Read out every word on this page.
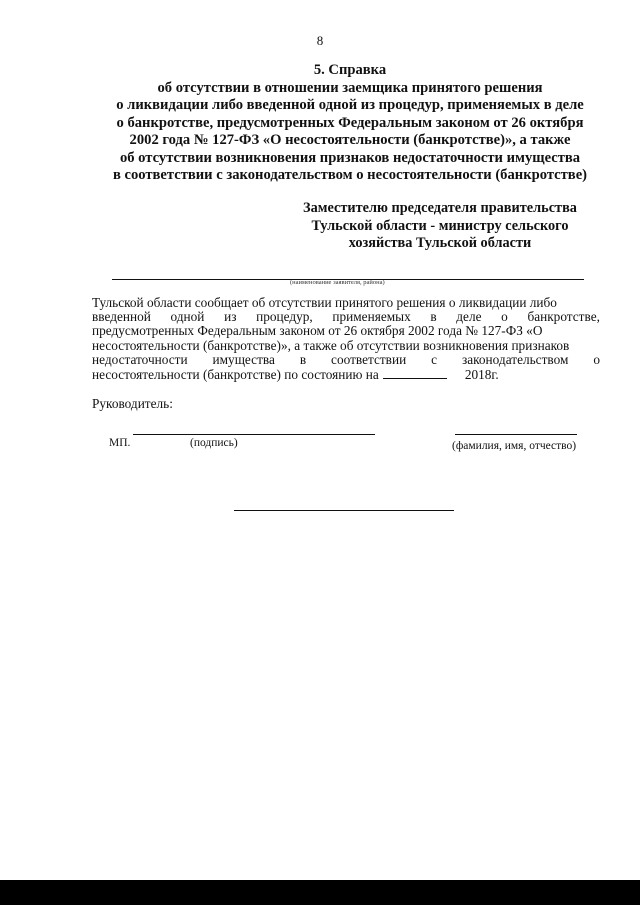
8
5. Справка
об отсутствии в отношении заемщика принятого решения
о ликвидации либо введенной одной из процедур, применяемых в деле
о банкротстве, предусмотренных Федеральным законом от 26 октября
2002 года № 127-ФЗ «О несостоятельности (банкротстве)», а также
об отсутствии возникновения признаков недостаточности имущества
в соответствии с законодательством о несостоятельности (банкротстве)
Заместителю председателя правительства
Тульской области - министру сельского
хозяйства Тульской области
(наименование заявителя, района)
Тульской области сообщает об отсутствии принятого решения о ликвидации либо
введенной одной из процедур, применяемых в деле о банкротстве,
предусмотренных Федеральным законом от 26 октября 2002 года № 127-ФЗ «О
несостоятельности (банкротстве)», а также об отсутствии возникновения признаков
недостаточности имущества в соответствии с законодательством о
несостоятельности (банкротстве) по состоянию на	2018г.
Руководитель:
МП.	(подпись)	(фамилия, имя, отчество)
